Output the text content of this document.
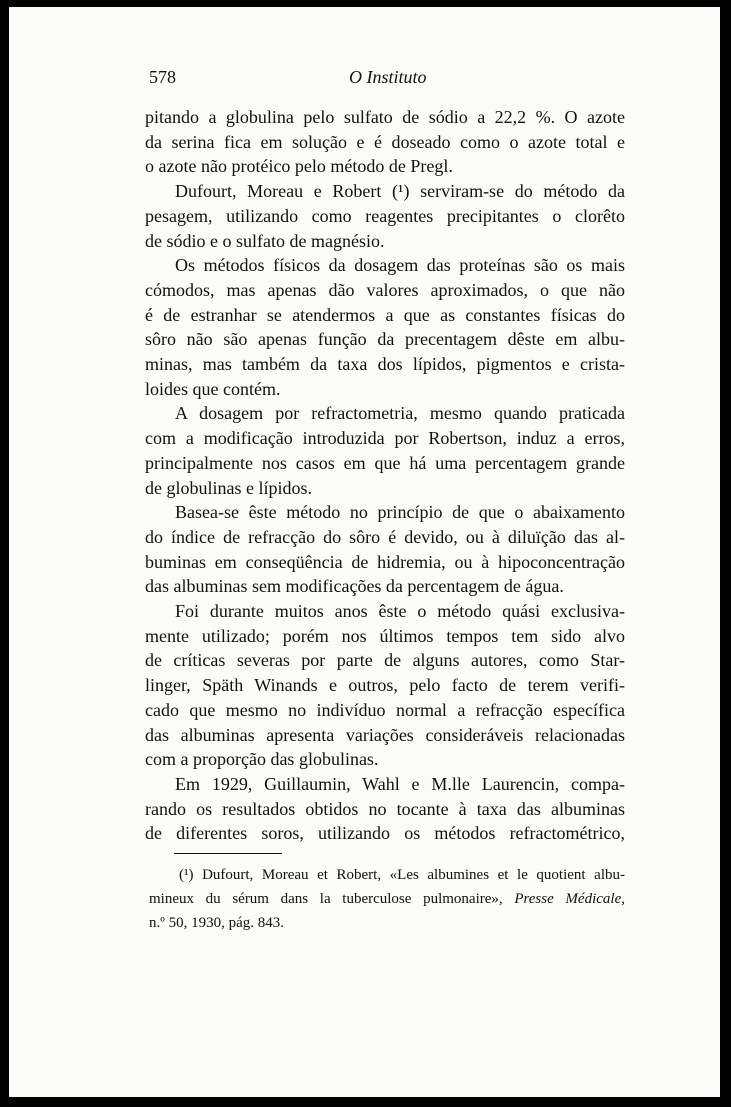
578	O Instituto
pitando a globulina pelo sulfato de sódio a 22,2 %. O azote
da serina fica em solução e é doseado como o azote total e
o azote não protéico pelo método de Pregl.
Dufourt, Moreau e Robert (¹) serviram-se do método da
pesagem, utilizando como reagentes precipitantes o clorêto
de sódio e o sulfato de magnésio.
Os métodos físicos da dosagem das proteínas são os mais
cómodos, mas apenas dão valores aproximados, o que não
é de estranhar se atendermos a que as constantes físicas do
sôro não são apenas função da precentagem dêste em albu-
minas, mas também da taxa dos lípidos, pigmentos e crista-
loides que contém.
A dosagem por refractometria, mesmo quando praticada
com a modificação introduzida por Robertson, induz a erros,
principalmente nos casos em que há uma percentagem grande
de globulinas e lípidos.
Basea-se êste método no princípio de que o abaixamento
do índice de refracção do sôro é devido, ou à diluïção das al-
buminas em conseqüência de hidremia, ou à hipoconcentração
das albuminas sem modificações da percentagem de água.
Foi durante muitos anos êste o método quási exclusiva-
mente utilizado; porém nos últimos tempos tem sido alvo
de críticas severas por parte de alguns autores, como Star-
linger, Späth Winands e outros, pelo facto de terem verifi-
cado que mesmo no indivíduo normal a refracção específica
das albuminas apresenta variações consideráveis relacionadas
com a proporção das globulinas.
Em 1929, Guillaumin, Wahl e M.lle Laurencin, compa-
rando os resultados obtidos no tocante à taxa das albuminas
de diferentes soros, utilizando os métodos refractométrico,
(¹) Dufourt, Moreau et Robert, «Les albumines et le quotient albu-
mineux du sérum dans la tuberculose pulmonaire», Presse Médicale,
n.º 50, 1930, pág. 843.
